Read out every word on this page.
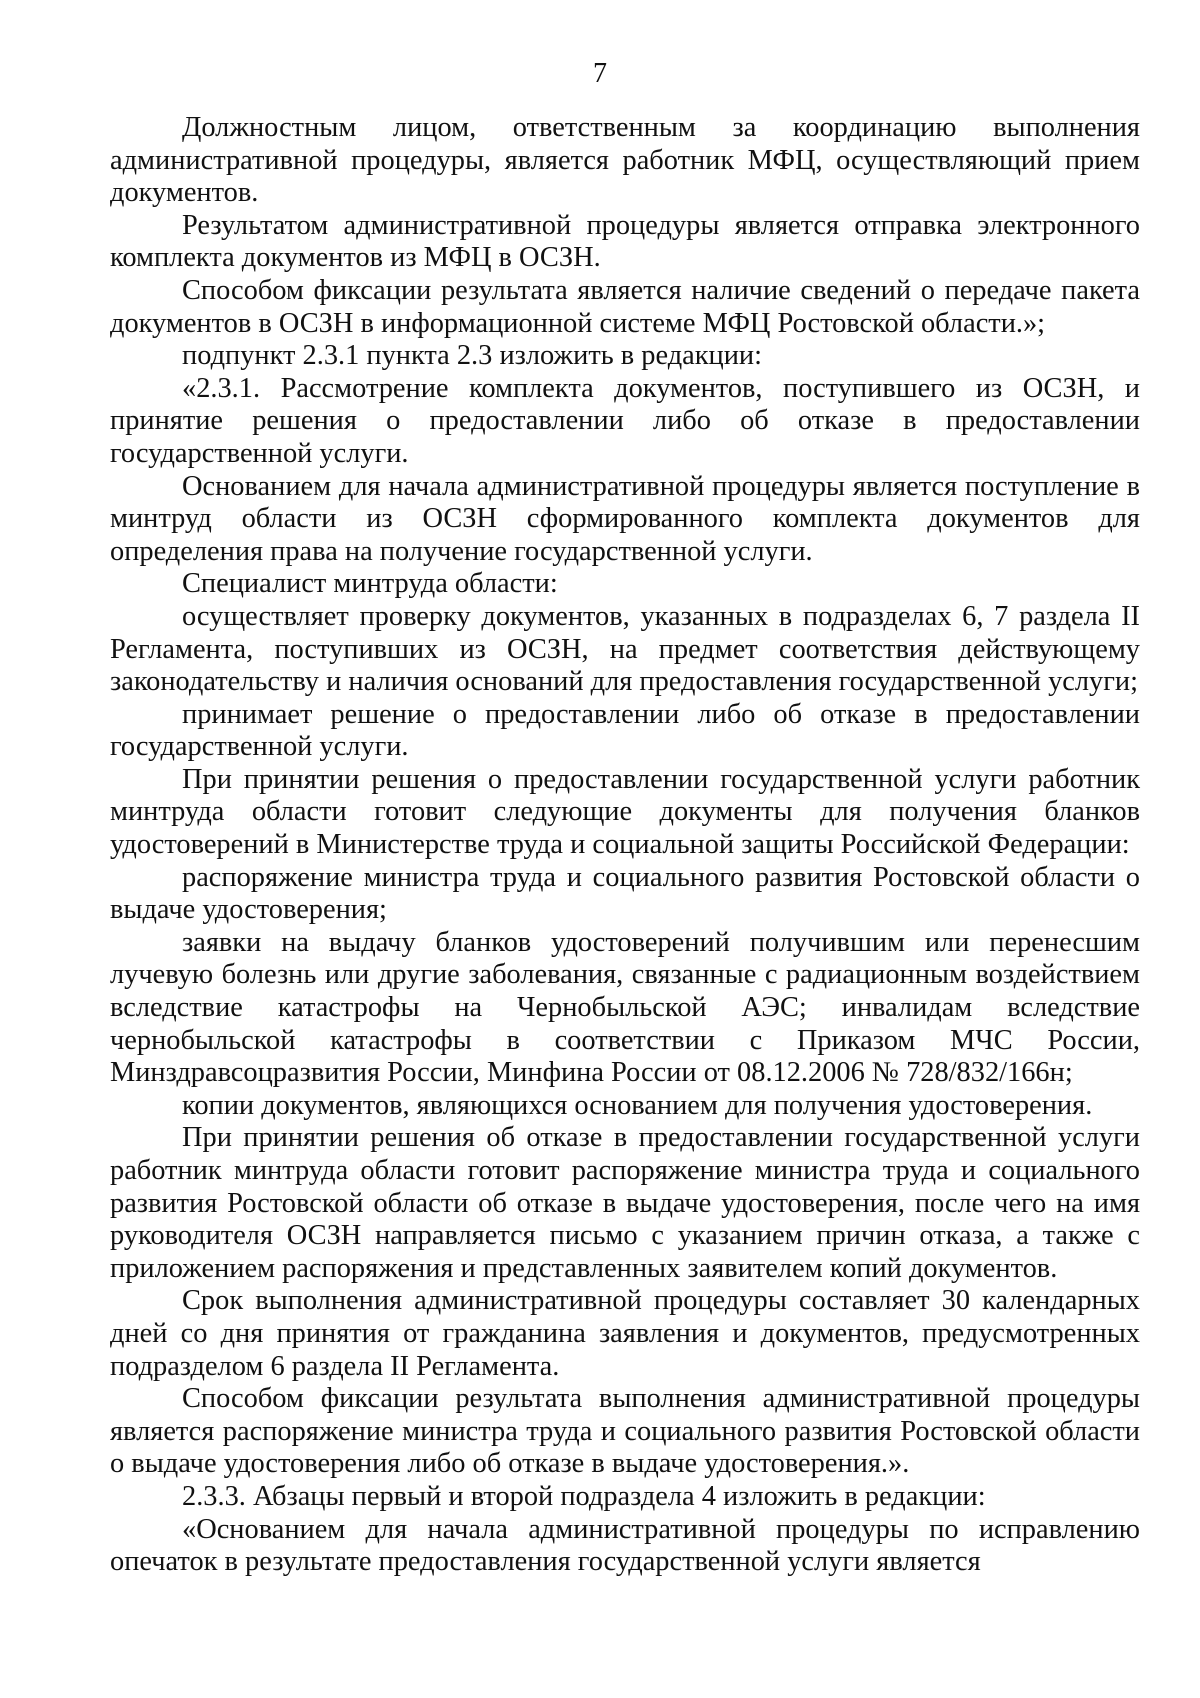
7

Должностным лицом, ответственным за координацию выполнения административной процедуры, является работник МФЦ, осуществляющий прием документов.

Результатом административной процедуры является отправка электронного комплекта документов из МФЦ в ОСЗН.

Способом фиксации результата является наличие сведений о передаче пакета документов в ОСЗН в информационной системе МФЦ Ростовской области.»;

подпункт 2.3.1 пункта 2.3 изложить в редакции:

«2.3.1. Рассмотрение комплекта документов, поступившего из ОСЗН, и принятие решения о предоставлении либо об отказе в предоставлении государственной услуги.

Основанием для начала административной процедуры является поступление в минтруд области из ОСЗН сформированного комплекта документов для определения права на получение государственной услуги.

Специалист минтруда области:

осуществляет проверку документов, указанных в подразделах 6, 7 раздела II Регламента, поступивших из ОСЗН, на предмет соответствия действующему законодательству и наличия оснований для предоставления государственной услуги;

принимает решение о предоставлении либо об отказе в предоставлении государственной услуги.

При принятии решения о предоставлении государственной услуги работник минтруда области готовит следующие документы для получения бланков удостоверений в Министерстве труда и социальной защиты Российской Федерации:

распоряжение министра труда и социального развития Ростовской области о выдаче удостоверения;

заявки на выдачу бланков удостоверений получившим или перенесшим лучевую болезнь или другие заболевания, связанные с радиационным воздействием вследствие катастрофы на Чернобыльской АЭС; инвалидам вследствие чернобыльской катастрофы в соответствии с Приказом МЧС России, Минздравсоцразвития России, Минфина России от 08.12.2006 № 728/832/166н;

копии документов, являющихся основанием для получения удостоверения.

При принятии решения об отказе в предоставлении государственной услуги работник минтруда области готовит распоряжение министра труда и социального развития Ростовской области об отказе в выдаче удостоверения, после чего на имя руководителя ОСЗН направляется письмо с указанием причин отказа, а также с приложением распоряжения и представленных заявителем копий документов.

Срок выполнения административной процедуры составляет 30 календарных дней со дня принятия от гражданина заявления и документов, предусмотренных подразделом 6 раздела II Регламента.

Способом фиксации результата выполнения административной процедуры является распоряжение министра труда и социального развития Ростовской области о выдаче удостоверения либо об отказе в выдаче удостоверения.».

2.3.3. Абзацы первый и второй подраздела 4 изложить в редакции:

«Основанием для начала административной процедуры по исправлению опечаток в результате предоставления государственной услуги является
